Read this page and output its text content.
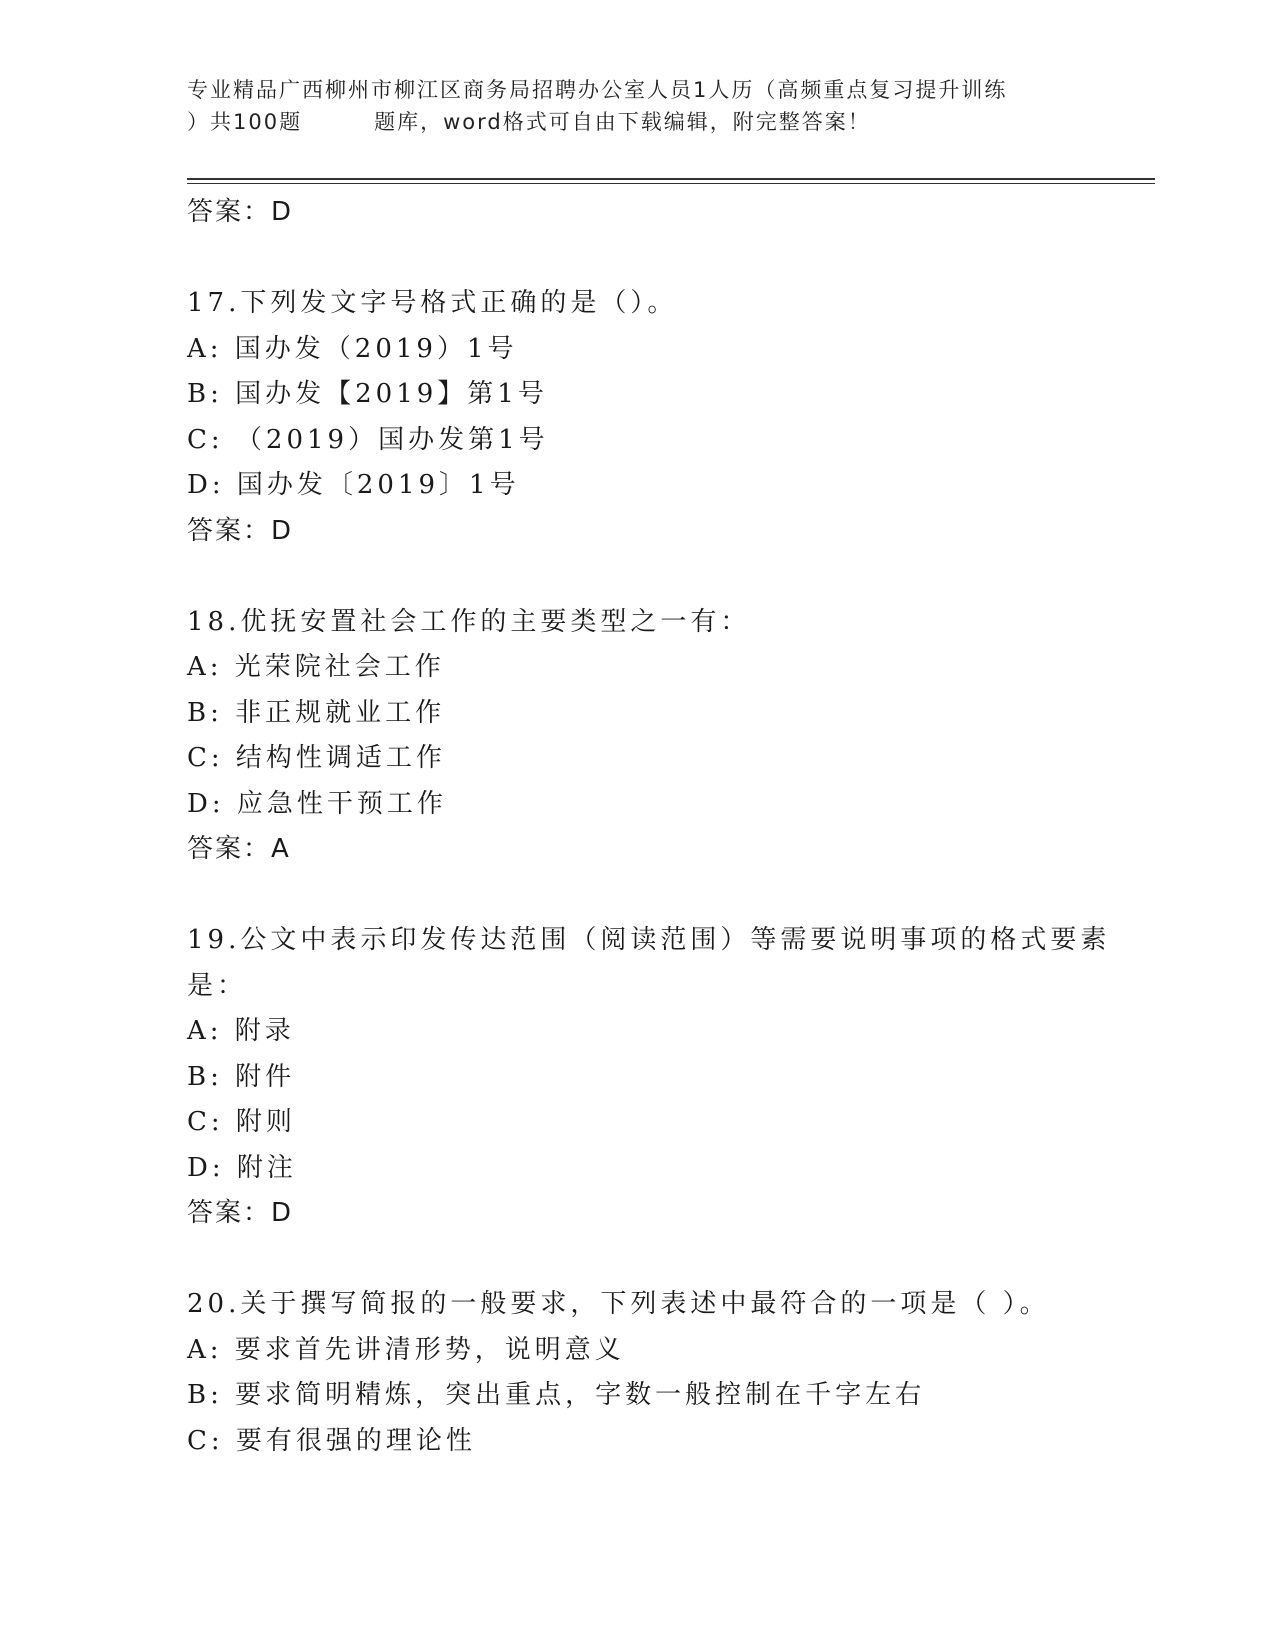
专业精品广西柳州市柳江区商务局招聘办公室人员1人历（高频重点复习提升训练
）共100题	题库，word格式可自由下载编辑，附完整答案！
答案：D
17.下列发文字号格式正确的是（）。
A: 国办发（2019）1号
B: 国办发【2019】第1号
C: （2019）国办发第1号
D: 国办发〔2019〕1号
答案：D
18.优抚安置社会工作的主要类型之一有：
A: 光荣院社会工作
B: 非正规就业工作
C: 结构性调适工作
D: 应急性干预工作
答案：A
19.公文中表示印发传达范围（阅读范围）等需要说明事项的格式要素
是：
A: 附录
B: 附件
C: 附则
D: 附注
答案：D
20.关于撰写简报的一般要求，下列表述中最符合的一项是（ ）。
A: 要求首先讲清形势，说明意义
B: 要求简明精炼，突出重点，字数一般控制在千字左右
C: 要有很强的理论性
